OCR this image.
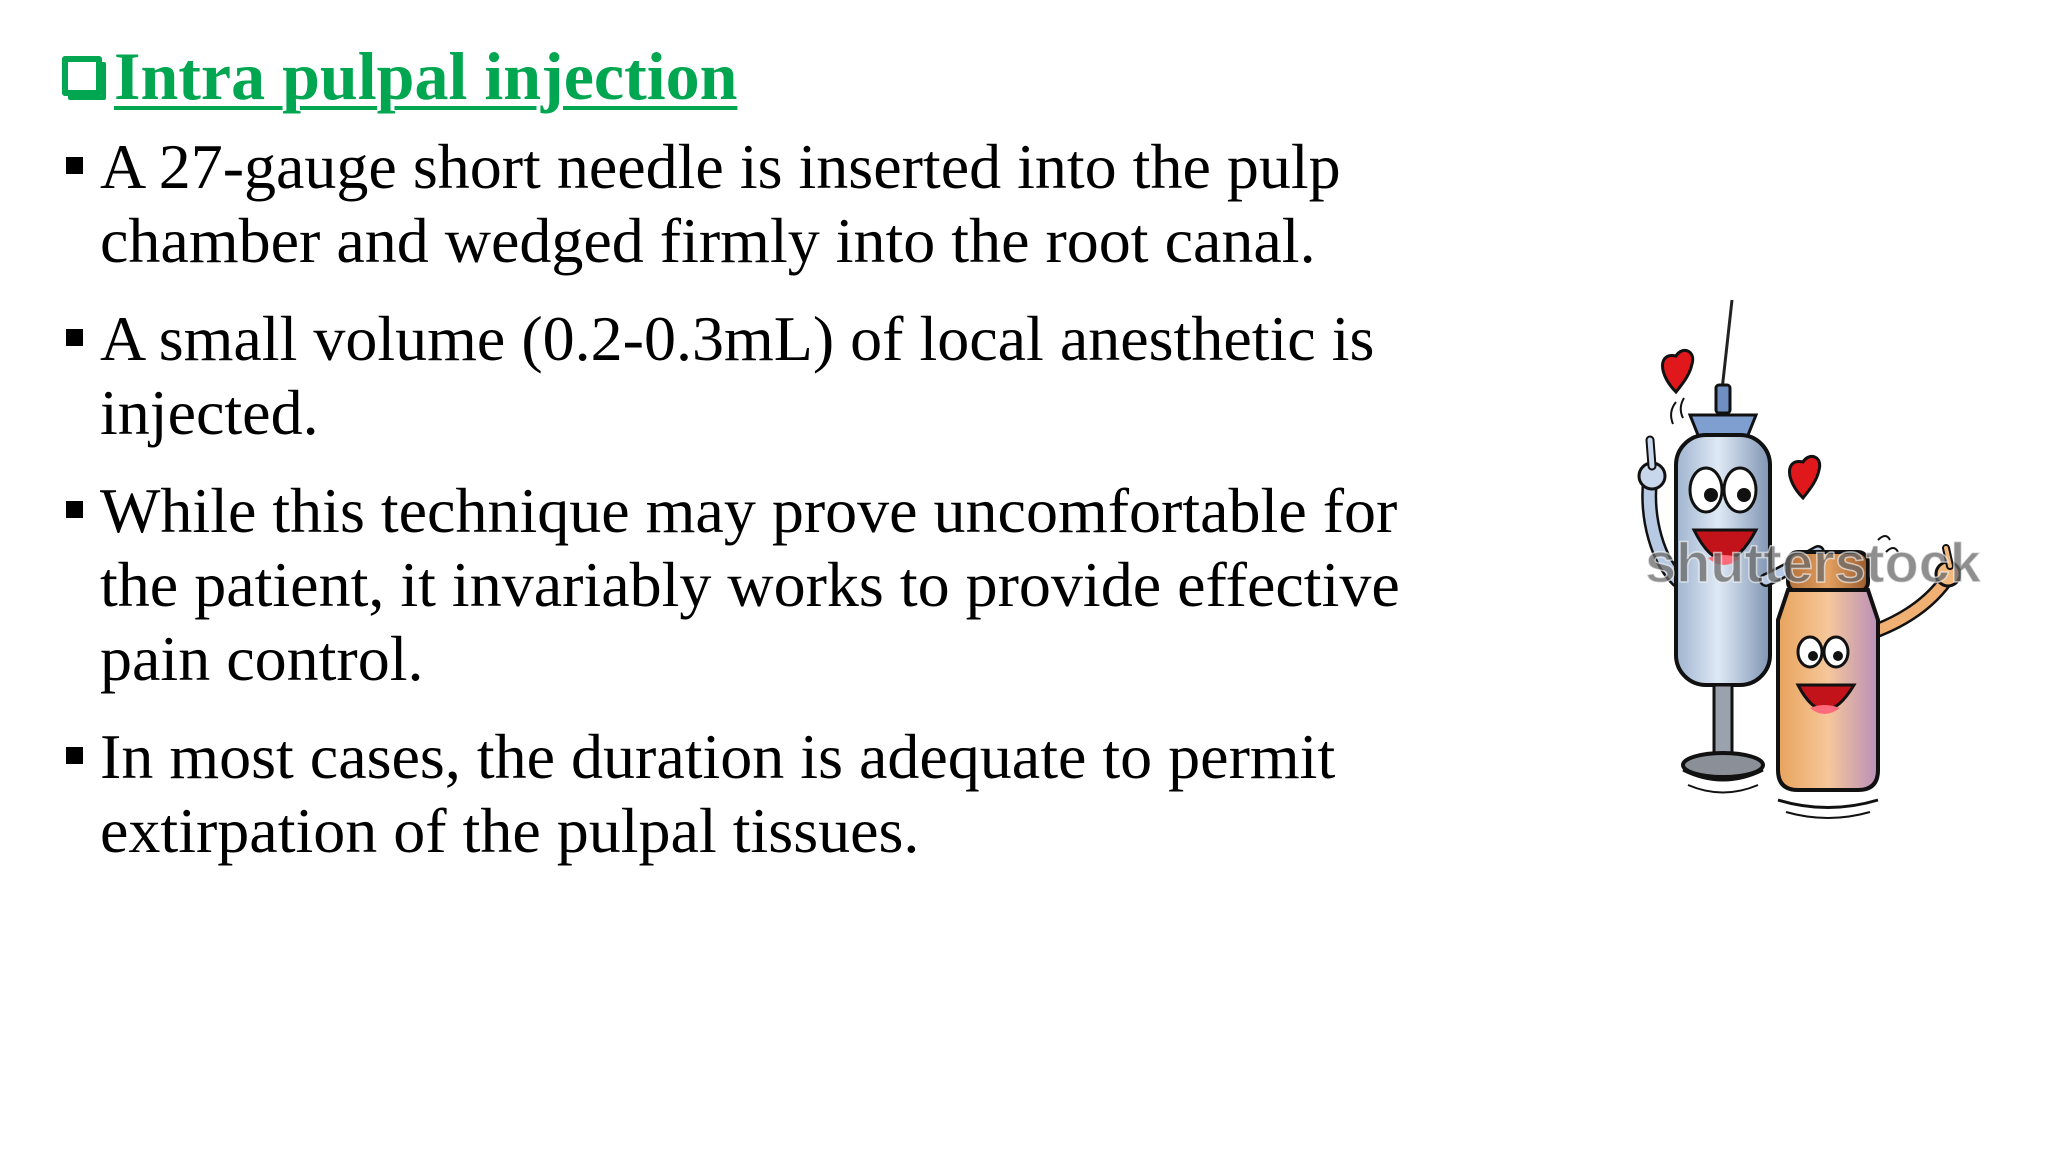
Intra pulpal injection
A 27-gauge short needle is inserted into the pulp chamber and wedged firmly into the root canal.
A small volume (0.2-0.3mL) of local anesthetic is injected.
While this technique may prove uncomfortable for the patient, it invariably works to provide effective pain control.
In most cases, the duration is adequate to permit extirpation of the pulpal tissues.
shutterstock
